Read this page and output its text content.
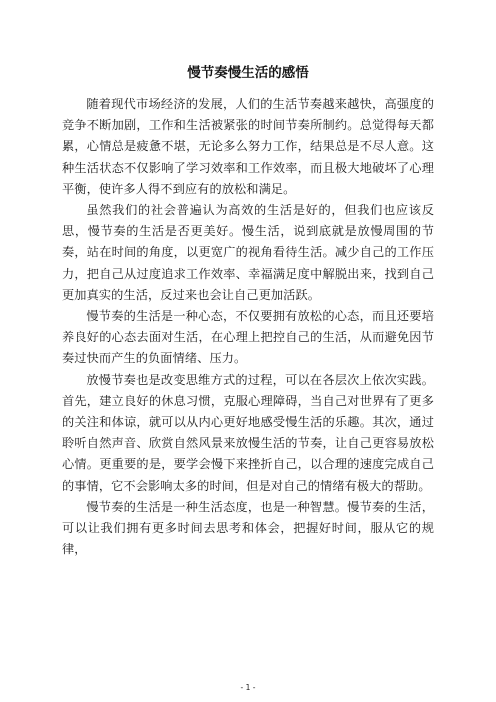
慢节奏慢生活的感悟

随着现代市场经济的发展，人们的生活节奏越来越快，高强度的竞争不断加剧，工作和生活被紧张的时间节奏所制约。总觉得每天都累，心情总是疲惫不堪，无论多么努力工作，结果总是不尽人意。这种生活状态不仅影响了学习效率和工作效率，而且极大地破坏了心理平衡，使许多人得不到应有的放松和满足。

虽然我们的社会普遍认为高效的生活是好的，但我们也应该反思，慢节奏的生活是否更美好。慢生活，说到底就是放慢周围的节奏，站在时间的角度，以更宽广的视角看待生活。减少自己的工作压力，把自己从过度追求工作效率、幸福满足度中解脱出来，找到自己更加真实的生活，反过来也会让自己更加活跃。

慢节奏的生活是一种心态，不仅要拥有放松的心态，而且还要培养良好的心态去面对生活，在心理上把控自己的生活，从而避免因节奏过快而产生的负面情绪、压力。

放慢节奏也是改变思维方式的过程，可以在各层次上依次实践。首先，建立良好的休息习惯，克服心理障碍，当自己对世界有了更多的关注和体谅，就可以从内心更好地感受慢生活的乐趣。其次，通过聆听自然声音、欣赏自然风景来放慢生活的节奏，让自己更容易放松心情。更重要的是，要学会慢下来挫折自己，以合理的速度完成自己的事情，它不会影响太多的时间，但是对自己的情绪有极大的帮助。

慢节奏的生活是一种生活态度，也是一种智慧。慢节奏的生活，可以让我们拥有更多时间去思考和体会，把握好时间，服从它的规律，

- 1 -
